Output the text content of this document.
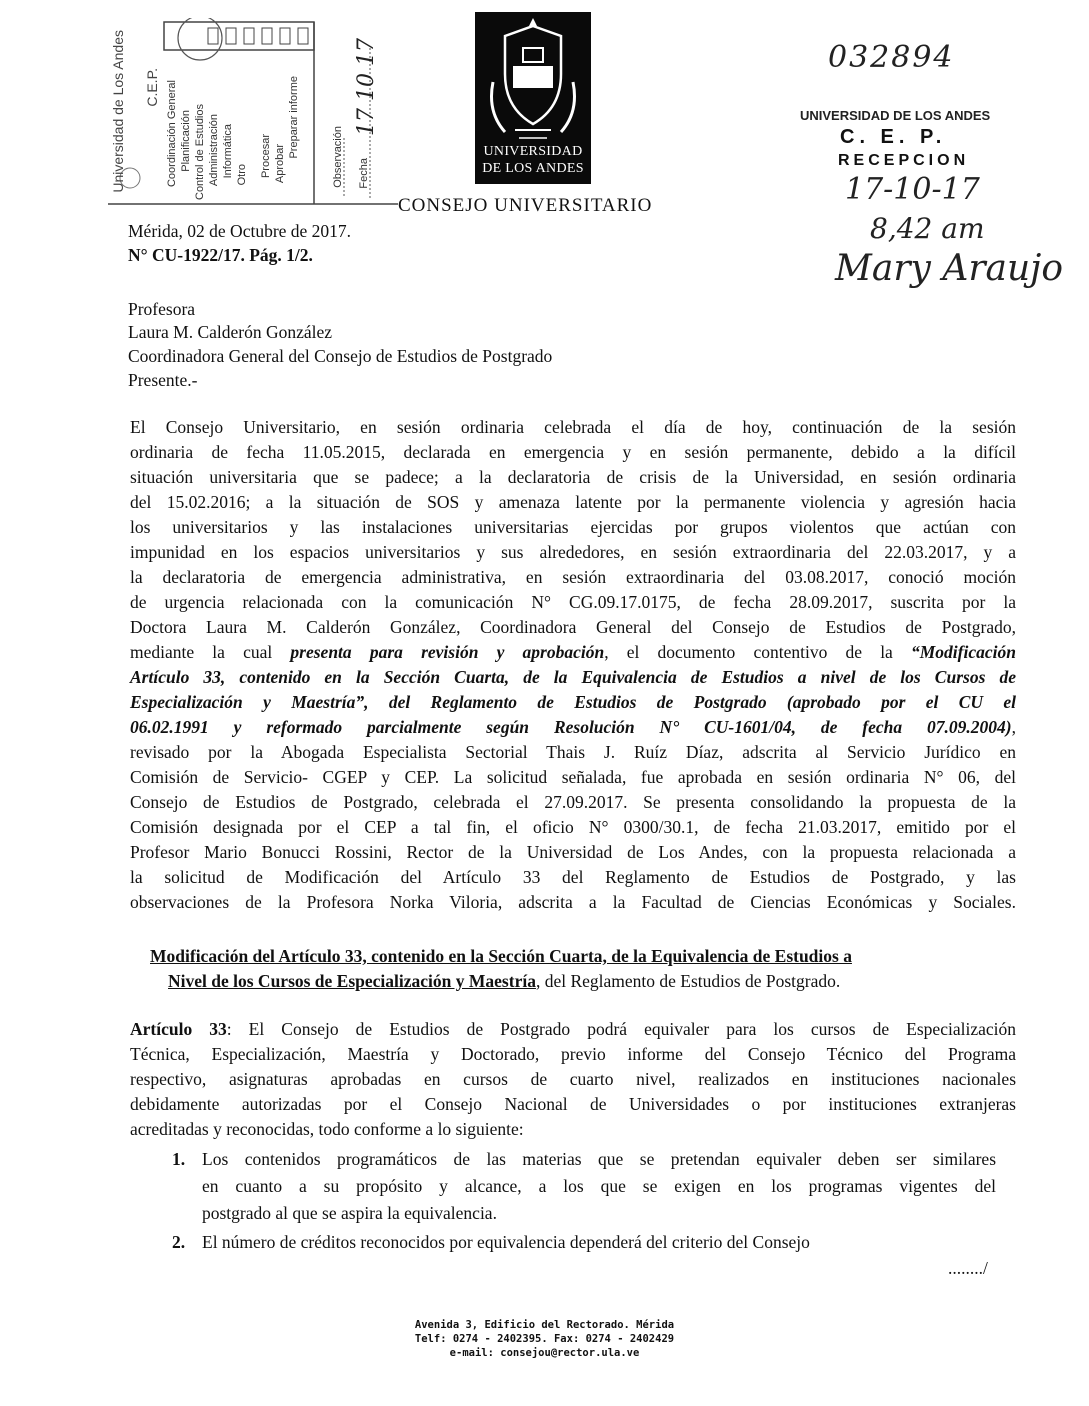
Universidad de Los Andes C.E.P. Coordinación General Planificación Control de Estudios Administración Informática Otro Procesar Aprobar
Preparar informe	Observación Fecha
17 10 17
UNIVERSIDAD
DE LOS ANDES
CONSEJO UNIVERSITARIO
032894
UNIVERSIDAD DE LOS ANDES
C. E. P.
RECEPCION
17-10-17
8,42 am
Mary Araujo
Mérida, 02 de Octubre de 2017.
N° CU-1922/17. Pág. 1/2.
Profesora
Laura M. Calderón González
Coordinadora General del Consejo de Estudios de Postgrado
Presente.-
El Consejo Universitario, en sesión ordinaria celebrada el día de hoy, continuación de la sesión
ordinaria de fecha 11.05.2015, declarada en emergencia y en sesión permanente, debido a la difícil
situación universitaria que se padece; a la declaratoria de crisis de la Universidad, en sesión ordinaria
del 15.02.2016; a la situación de SOS y amenaza latente por la permanente violencia y agresión hacia
los universitarios y las instalaciones universitarias ejercidas por grupos violentos que actúan con
impunidad en los espacios universitarios y sus alrededores, en sesión extraordinaria del 22.03.2017, y a
la declaratoria de emergencia administrativa, en sesión extraordinaria del 03.08.2017, conoció moción
de urgencia relacionada con la comunicación N° CG.09.17.0175, de fecha 28.09.2017, suscrita por la
Doctora Laura M. Calderón González, Coordinadora General del Consejo de Estudios de Postgrado,
mediante la cual presenta para revisión y aprobación, el documento contentivo de la “Modificación
Artículo 33, contenido en la Sección Cuarta, de la Equivalencia de Estudios a nivel de los Cursos de
Especialización y Maestría”, del Reglamento de Estudios de Postgrado (aprobado por el CU el
06.02.1991 y reformado parcialmente según Resolución N° CU-1601/04, de fecha 07.09.2004),
revisado por la Abogada Especialista Sectorial Thais J. Ruíz Díaz, adscrita al Servicio Jurídico en
Comisión de Servicio- CGEP y CEP. La solicitud señalada, fue aprobada en sesión ordinaria N° 06, del
Consejo de Estudios de Postgrado, celebrada el 27.09.2017. Se presenta consolidando la propuesta de la
Comisión designada por el CEP a tal fin, el oficio N° 0300/30.1, de fecha 21.03.2017, emitido por el
Profesor Mario Bonucci Rossini, Rector de la Universidad de Los Andes, con la propuesta relacionada a
la solicitud de Modificación del Artículo 33 del Reglamento de Estudios de Postgrado, y las
observaciones de la Profesora Norka Viloria, adscrita a la Facultad de Ciencias Económicas y Sociales.
Modificación del Artículo 33, contenido en la Sección Cuarta, de la Equivalencia de Estudios a
Nivel de los Cursos de Especialización y Maestría, del Reglamento de Estudios de Postgrado.
Artículo 33: El Consejo de Estudios de Postgrado podrá equivaler para los cursos de Especialización
Técnica, Especialización, Maestría y Doctorado, previo informe del Consejo Técnico del Programa
respectivo, asignaturas aprobadas en cursos de cuarto nivel, realizados en instituciones nacionales
debidamente autorizadas por el Consejo Nacional de Universidades o por instituciones extranjeras
acreditadas y reconocidas, todo conforme a lo siguiente:
1. Los contenidos programáticos de las materias que se pretendan equivaler deben ser similares
en cuanto a su propósito y alcance, a los que se exigen en los programas vigentes del
postgrado al que se aspira la equivalencia.
2. El número de créditos reconocidos por equivalencia dependerá del criterio del Consejo
......../
Avenida 3, Edificio del Rectorado. Mérida
Telf: 0274 - 2402395. Fax: 0274 - 2402429
e-mail: consejou@rector.ula.ve
